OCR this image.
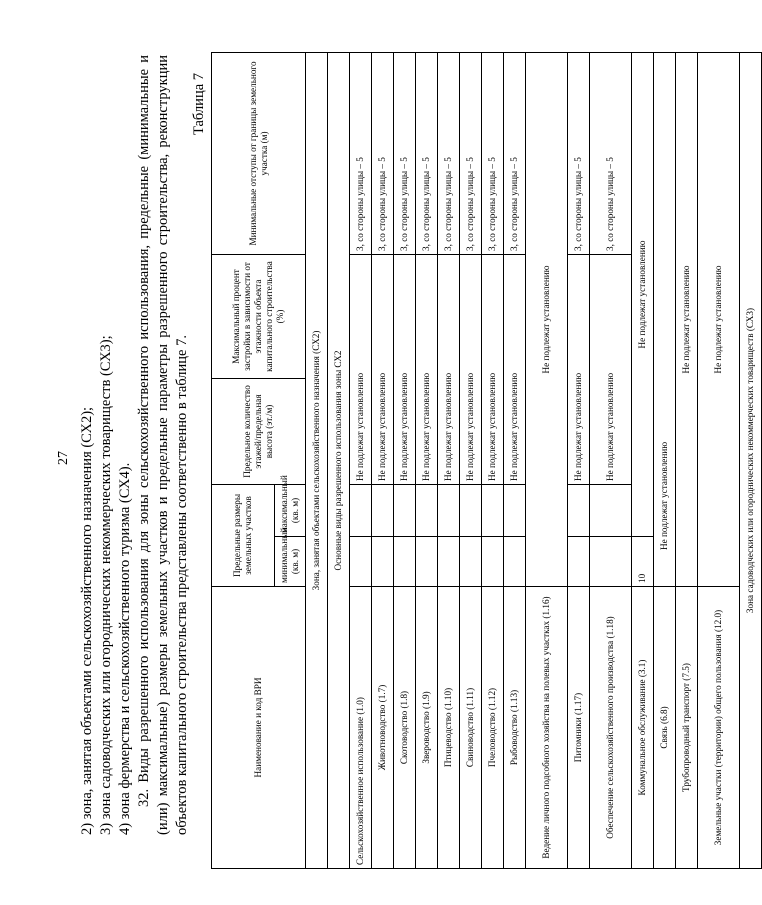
27 2) зона, занятая объектами сельскохозяйственного назначения (СХ2); 3) зона садоводческих или огороднических некоммерческих товариществ (СХ3); 4) зона фермерства и сельскохозяйственного туризма (СХ4). 32. Виды разрешенного использования для зоны сельскохозяйственного использования, предельные (минимальные и (или) максимальные) размеры земельных участков и предельные параметры разрешенного строительства, реконструкции объектов капитального строительства представлены соответственно в таблице 7.

Таблица 7
Наименование и код ВРИ	Предельные размеры земельных участков		Предельное количество этажей/предельная высота (эт./м)	Максимальный процент застройки в зависимости от этажности объекта капитального строительства (%)	Минимальные отступы от границы земельного участка (м)
	минимальный (кв. м)	максимальный (кв. м)			
Зона, занятая объектами сельскохозяйственного назначения (СХ2)					
Основные виды разрешенного использования зоны СХ2					
Сельскохозяйственное использование (1.0)			Не подлежат установлению		3, со стороны улицы – 5
Животноводство (1.7)			Не подлежат установлению		3, со стороны улицы – 5
Скотоводство (1.8)			Не подлежат установлению		3, со стороны улицы – 5
Звероводство (1.9)			Не подлежат установлению		3, со стороны улицы – 5
Птицеводство (1.10)			Не подлежат установлению		3, со стороны улицы – 5
Свиноводство (1.11)			Не подлежат установлению		3, со стороны улицы – 5
Пчеловодство (1.12)			Не подлежат установлению		3, со стороны улицы – 5
Рыбоводство (1.13)			Не подлежат установлению		3, со стороны улицы – 5
Ведение личного подсобного хозяйства на полевых участках (1.16)	Не подлежат установлению				
Питомники (1.17)			Не подлежат установлению		3, со стороны улицы – 5
Обеспечение сельскохозяйственного производства (1.18)			Не подлежат установлению		3, со стороны улицы – 5
Коммунальное обслуживание (3.1)	10	Не подлежат установлению			
Связь (6.8)	Не подлежат установлению				
Трубопроводный транспорт (7.5)	Не подлежат установлению				
Земельные участки (территории) общего пользования (12.0)	Не подлежат установлению				
Зона садоводческих или огороднических некоммерческих товариществ (СХ3)					
